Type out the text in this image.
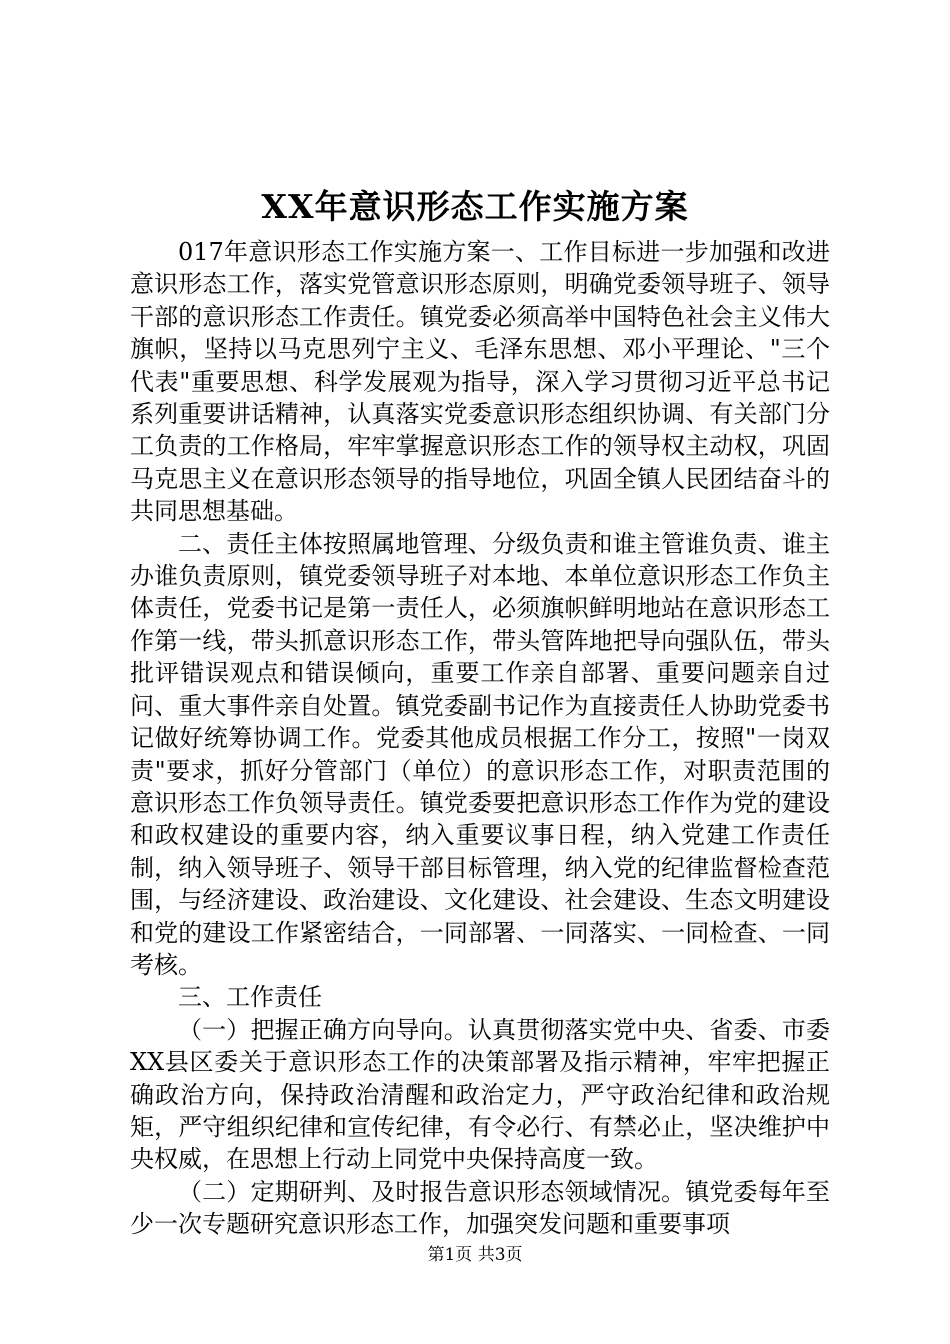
XX年意识形态工作实施方案

017年意识形态工作实施方案一、工作目标进一步加强和改进意识形态工作，落实党管意识形态原则，明确党委领导班子、领导干部的意识形态工作责任。镇党委必须高举中国特色社会主义伟大旗帜，坚持以马克思列宁主义、毛泽东思想、邓小平理论、"三个代表"重要思想、科学发展观为指导，深入学习贯彻习近平总书记系列重要讲话精神，认真落实党委意识形态组织协调、有关部门分工负责的工作格局，牢牢掌握意识形态工作的领导权主动权，巩固马克思主义在意识形态领导的指导地位，巩固全镇人民团结奋斗的共同思想基础。

二、责任主体按照属地管理、分级负责和谁主管谁负责、谁主办谁负责原则，镇党委领导班子对本地、本单位意识形态工作负主体责任，党委书记是第一责任人，必须旗帜鲜明地站在意识形态工作第一线，带头抓意识形态工作，带头管阵地把导向强队伍，带头批评错误观点和错误倾向，重要工作亲自部署、重要问题亲自过问、重大事件亲自处置。镇党委副书记作为直接责任人协助党委书记做好统筹协调工作。党委其他成员根据工作分工，按照"一岗双责"要求，抓好分管部门（单位）的意识形态工作，对职责范围的意识形态工作负领导责任。镇党委要把意识形态工作作为党的建设和政权建设的重要内容，纳入重要议事日程，纳入党建工作责任制，纳入领导班子、领导干部目标管理，纳入党的纪律监督检查范围，与经济建设、政治建设、文化建设、社会建设、生态文明建设和党的建设工作紧密结合，一同部署、一同落实、一同检查、一同考核。

三、工作责任

（一）把握正确方向导向。认真贯彻落实党中央、省委、市委XX县区委关于意识形态工作的决策部署及指示精神，牢牢把握正确政治方向，保持政治清醒和政治定力，严守政治纪律和政治规矩，严守组织纪律和宣传纪律，有令必行、有禁必止，坚决维护中央权威，在思想上行动上同党中央保持高度一致。

（二）定期研判、及时报告意识形态领域情况。镇党委每年至少一次专题研究意识形态工作，加强突发问题和重要事项

第1页 共3页
